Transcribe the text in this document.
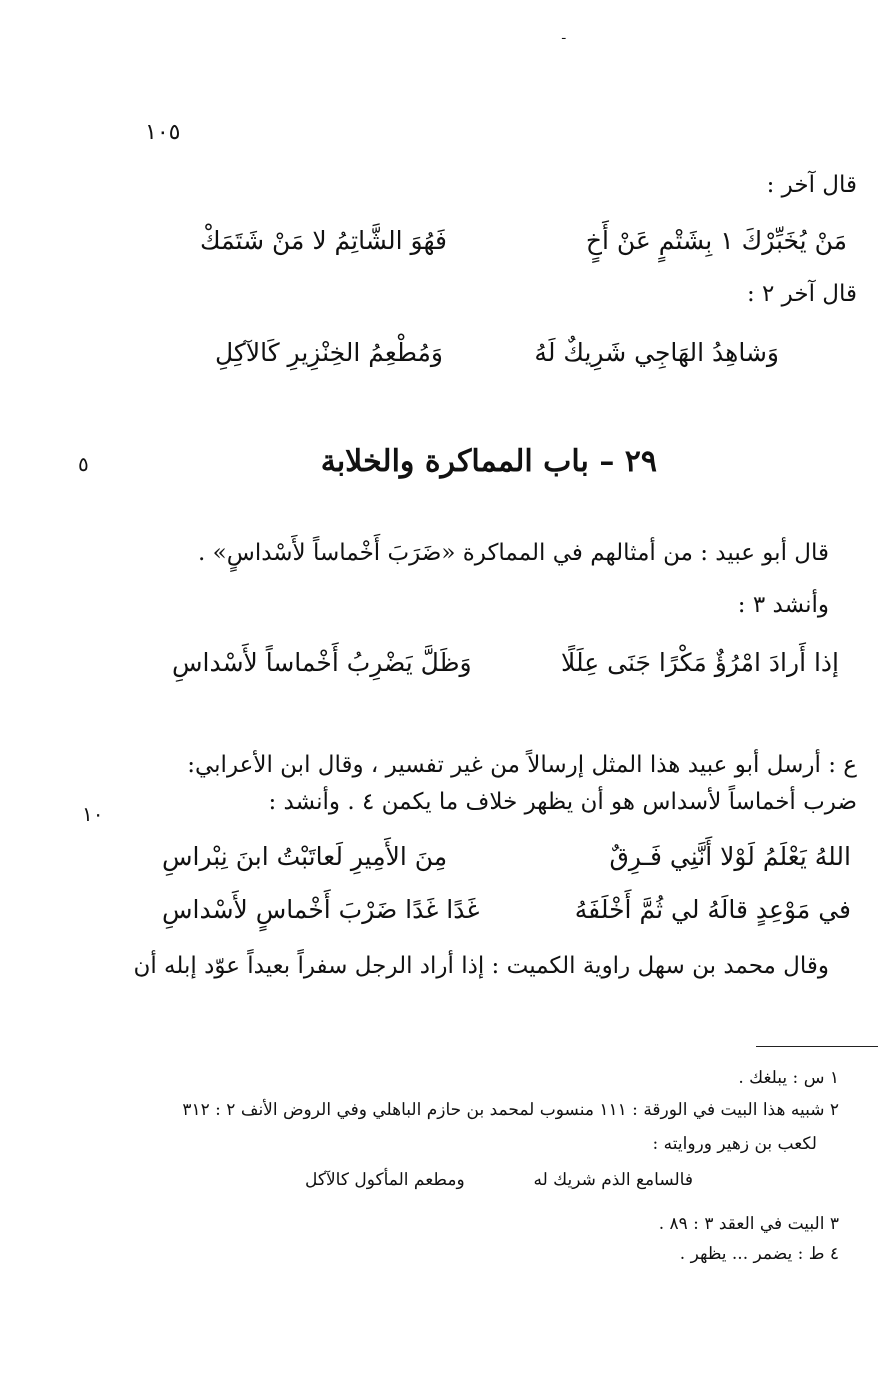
ـ
١٠٥
قال آخر :
مَنْ يُخَبِّرْكَ ١ بِشَتْمٍ عَنْ أَخٍ
فَهُوَ الشَّاتِمُ لا مَنْ شَتَمَكْ
قال آخر ٢ :
وَشاهِدُ الهَاجِي شَرِيكٌ لَهُ
وَمُطْعِمُ الخِنْزِيرِ كَالآكِلِ
٥	٢٩ – باب المماكرة والخلابة
قال أبو عبيد : من أمثالهم في المماكرة «ضَرَبَ أَخْماساً لأَسْداسٍ» .
وأنشد ٣ :
إذا أَرادَ امْرُؤٌ مَكْرًا جَنَى عِلَلًا
وَظَلَّ يَضْرِبُ أَخْماساً لأَسْداسِ
ع : أرسل أبو عبيد هذا المثل إرسالاً من غير تفسير ، وقال ابن الأعرابي:
١٠	ضرب أخماساً لأسداس هو أن يظهر خلاف ما يكمن ٤ . وأنشد :
اللهُ يَعْلَمُ لَوْلا أَنَّنِي فَـرِقٌ
مِنَ الأَمِيرِ لَعاتَبْتُ ابنَ نِبْراسِ
في مَوْعِدٍ قالَهُ لي ثُمَّ أَخْلَفَهُ
غَدًا غَدًا ضَرْبَ أَخْماسٍ لأَسْداسِ
وقال محمد بن سهل راوية الكميت : إذا أراد الرجل سفراً بعيداً عوّد إبله أن
١ س : يبلغك .
٢ شبيه هذا البيت في الورقة : ١١١ منسوب لمحمد بن حازم الباهلي وفي الروض الأنف ٢ : ٣١٢
لكعب بن زهير وروايته :
فالسامع الذم شريك له
ومطعم المأكول كالآكل
٣ البيت في العقد ٣ : ٨٩ .
٤ ط : يضمر ... يظهر .
